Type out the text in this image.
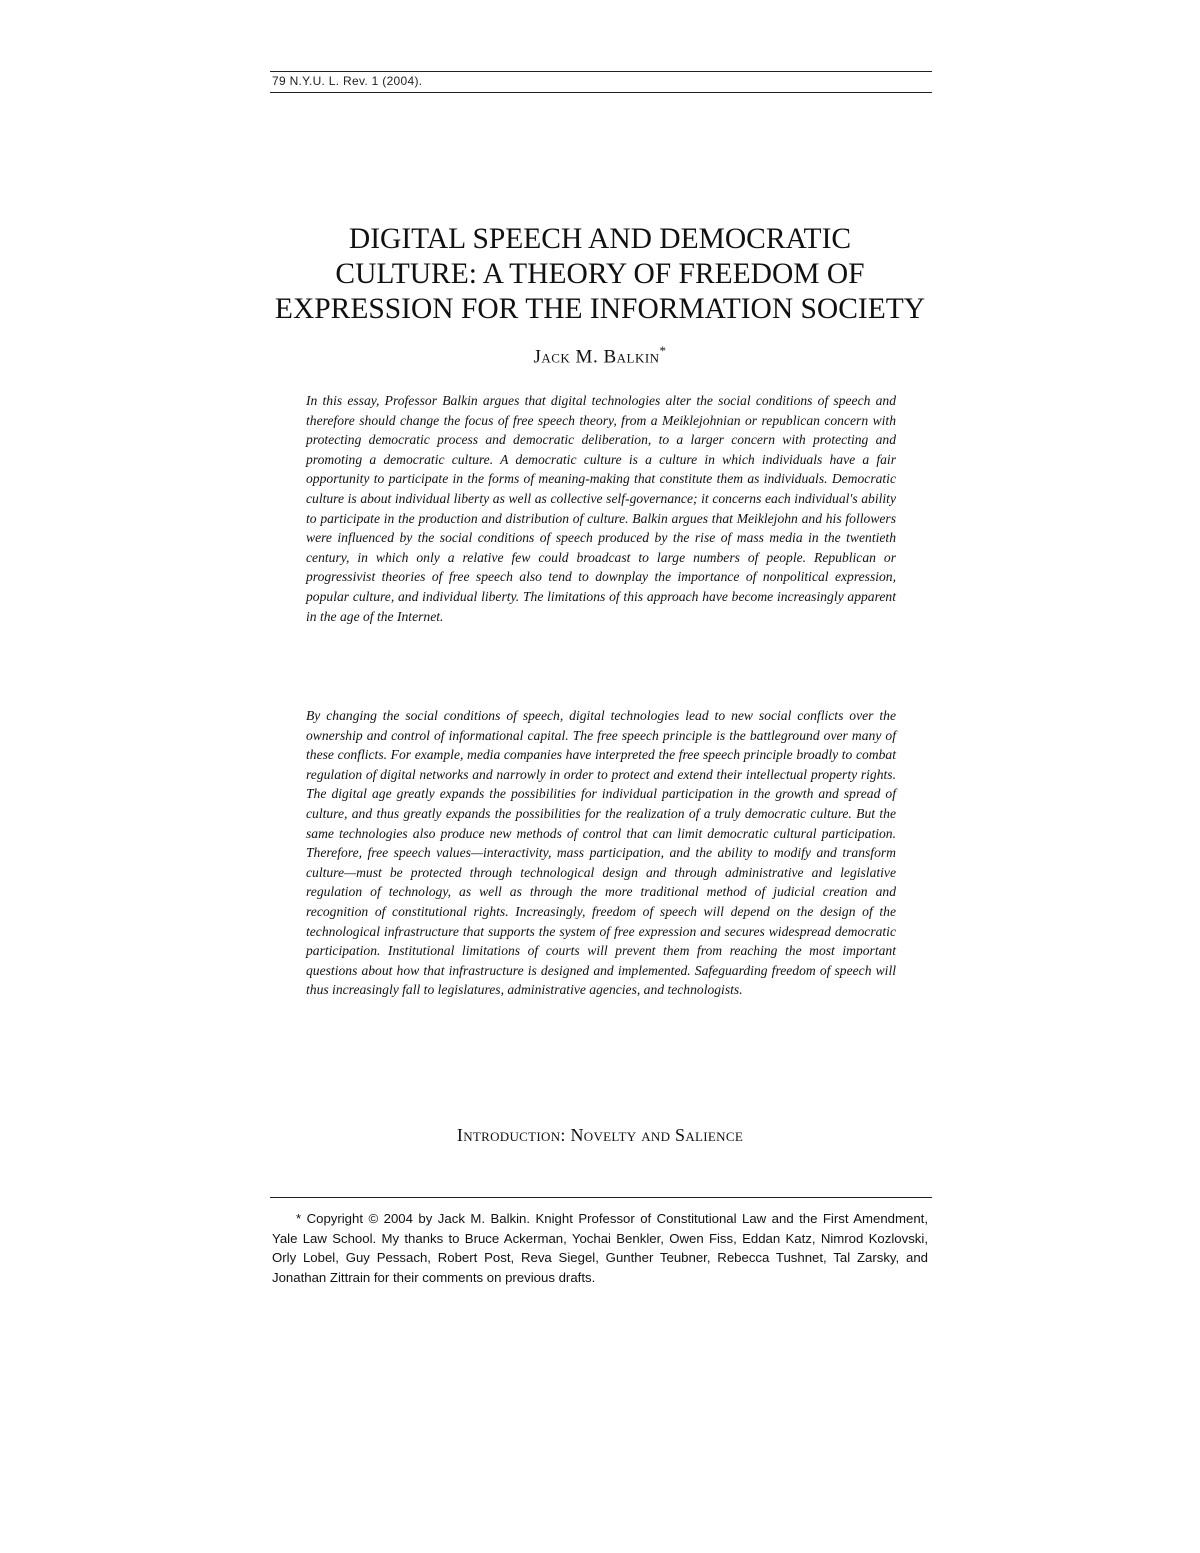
79 N.Y.U. L. Rev. 1 (2004).
DIGITAL SPEECH AND DEMOCRATIC
CULTURE: A THEORY OF FREEDOM OF
EXPRESSION FOR THE INFORMATION SOCIETY
Jack M. Balkin*

In this essay, Professor Balkin argues that digital technologies alter the social conditions of speech and therefore should change the focus of free speech theory, from a Meiklejohnian or republican concern with protecting democratic process and democratic deliberation, to a larger concern with protecting and promoting a democratic culture. A democratic culture is a culture in which individuals have a fair opportunity to participate in the forms of meaning-making that constitute them as individuals. Democratic culture is about individual liberty as well as collective self-governance; it concerns each individual's ability to participate in the production and distribution of culture. Balkin argues that Meiklejohn and his followers were influenced by the social conditions of speech produced by the rise of mass media in the twentieth century, in which only a relative few could broadcast to large numbers of people. Republican or progressivist theories of free speech also tend to downplay the importance of nonpolitical expression, popular culture, and individual liberty. The limitations of this approach have become increasingly apparent in the age of the Internet.

By changing the social conditions of speech, digital technologies lead to new social conflicts over the ownership and control of informational capital. The free speech principle is the battleground over many of these conflicts. For example, media companies have interpreted the free speech principle broadly to combat regulation of digital networks and narrowly in order to protect and extend their intellectual property rights. The digital age greatly expands the possibilities for individual participation in the growth and spread of culture, and thus greatly expands the possibilities for the realization of a truly democratic culture. But the same technologies also produce new methods of control that can limit democratic cultural participation. Therefore, free speech values—interactivity, mass participation, and the ability to modify and transform culture—must be protected through technological design and through administrative and legislative regulation of technology, as well as through the more traditional method of judicial creation and recognition of constitutional rights. Increasingly, freedom of speech will depend on the design of the technological infrastructure that supports the system of free expression and secures widespread democratic participation. Institutional limitations of courts will prevent them from reaching the most important questions about how that infrastructure is designed and implemented. Safeguarding freedom of speech will thus increasingly fall to legislatures, administrative agencies, and technologists.

Introduction: Novelty and Salience

* Copyright © 2004 by Jack M. Balkin. Knight Professor of Constitutional Law and the First Amendment, Yale Law School. My thanks to Bruce Ackerman, Yochai Benkler, Owen Fiss, Eddan Katz, Nimrod Kozlovski, Orly Lobel, Guy Pessach, Robert Post, Reva Siegel, Gunther Teubner, Rebecca Tushnet, Tal Zarsky, and Jonathan Zittrain for their comments on previous drafts.
